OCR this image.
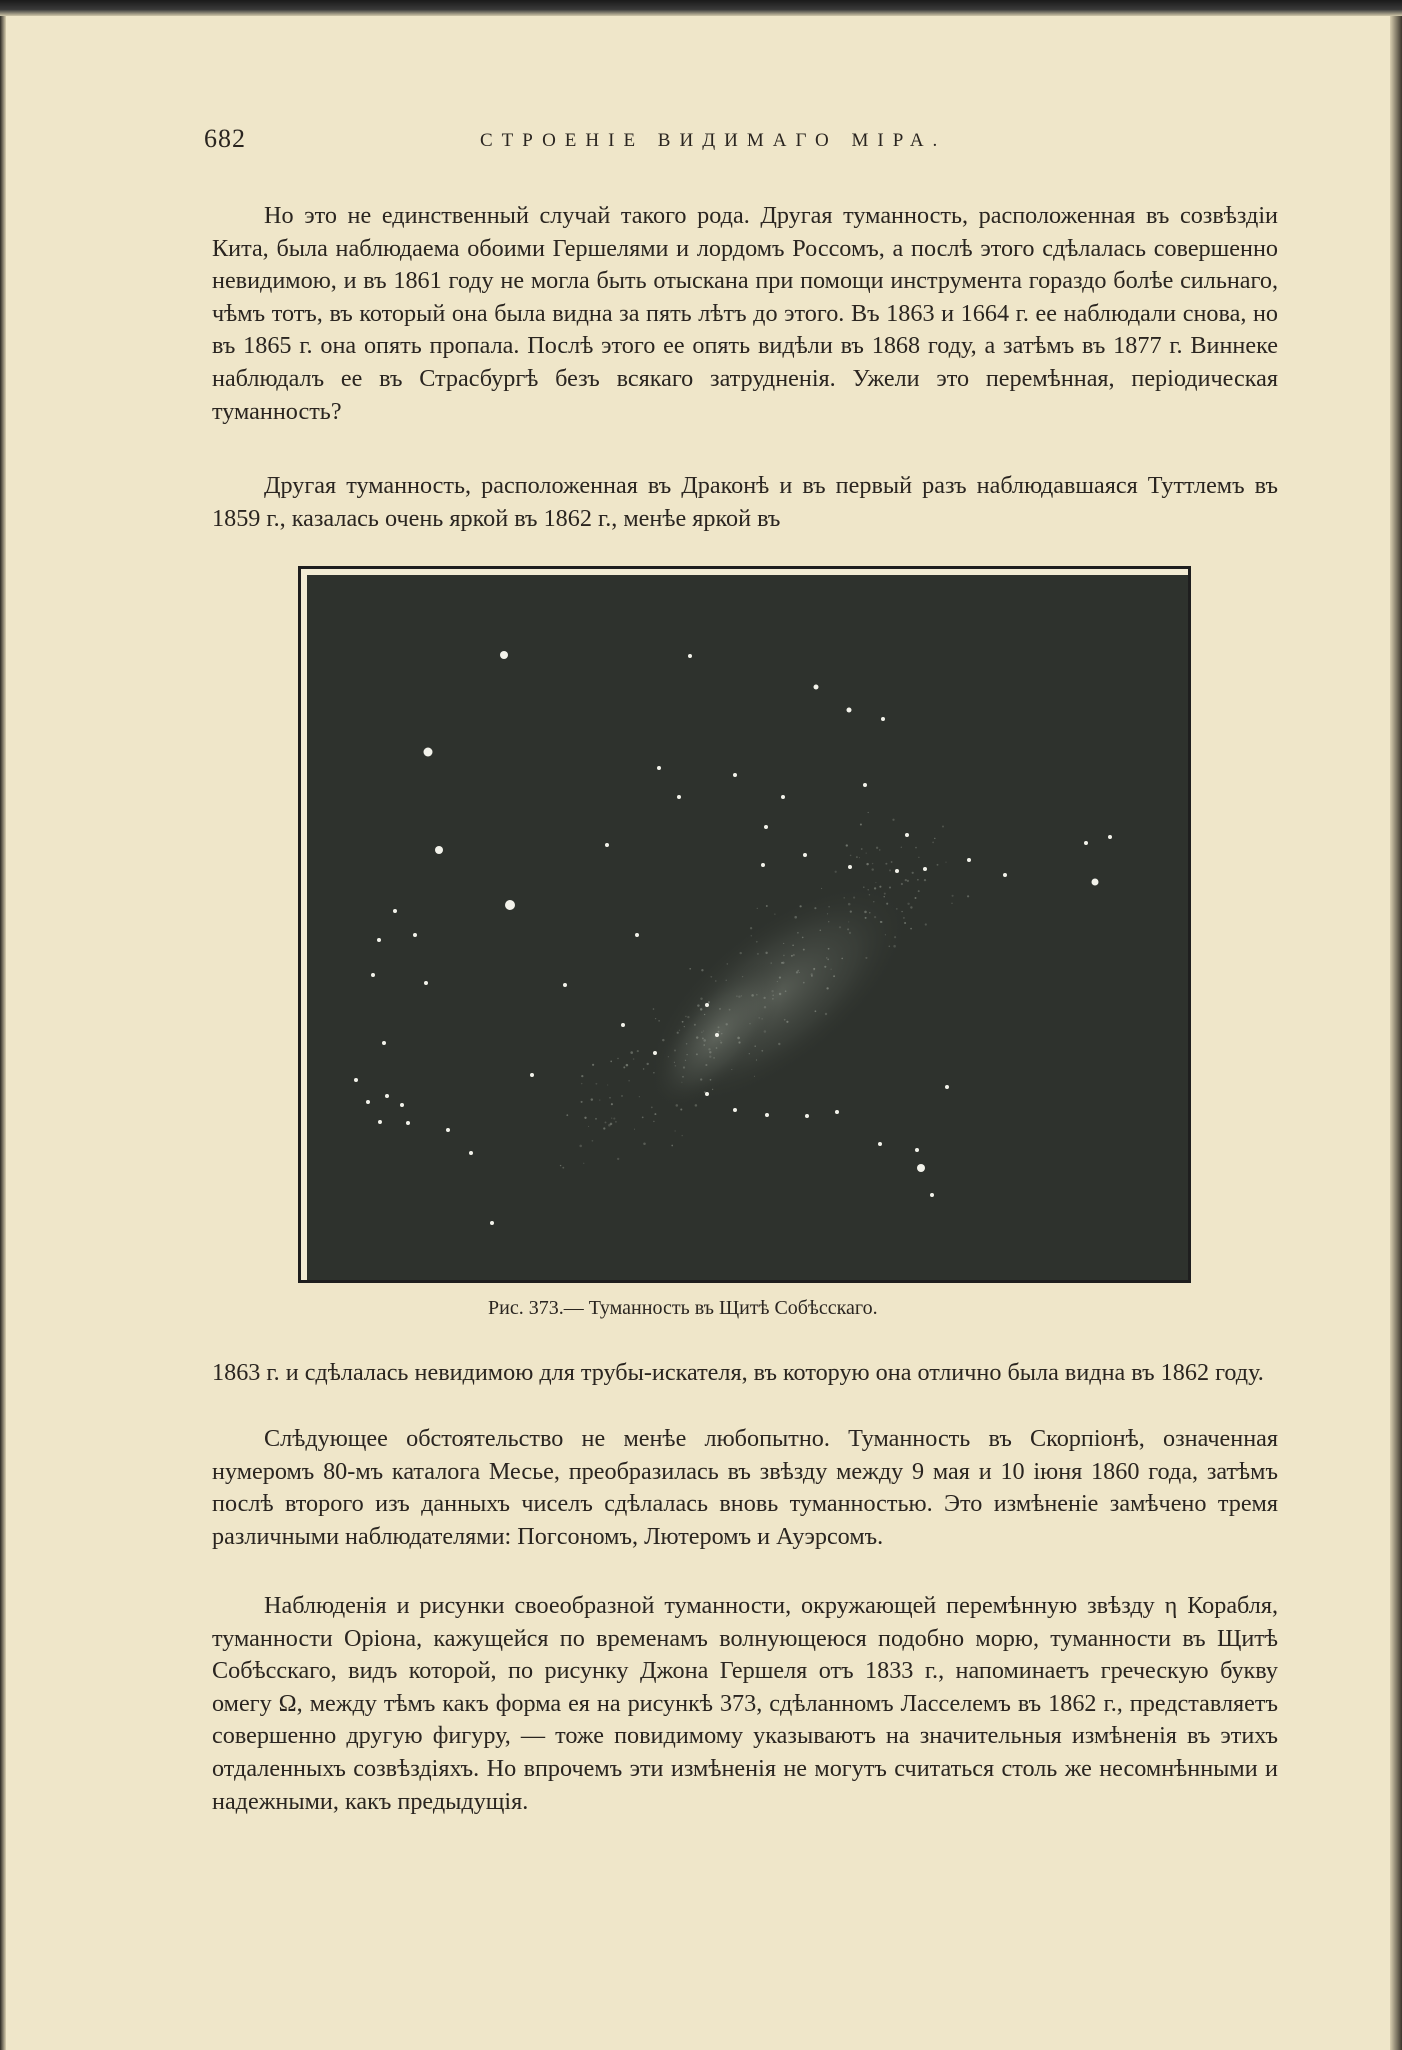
682	СТРОЕНІЕ ВИДИМАГО МІРА.

Но это не единственный случай такого рода. Другая туманность, расположенная въ созвѣздіи Кита, была наблюдаема обоими Гершелями и лордомъ Россомъ, а послѣ этого сдѣлалась совершенно невидимою, и въ 1861 году не могла быть отыскана при помощи инструмента гораздо болѣе сильнаго, чѣмъ тотъ, въ который она была видна за пять лѣтъ до этого. Въ 1863 и 1664 г. ее наблюдали снова, но въ 1865 г. она опять пропала. Послѣ этого ее опять видѣли въ 1868 году, а затѣмъ въ 1877 г. Виннеке наблюдалъ ее въ Страсбургѣ безъ всякаго затрудненія. Ужели это перемѣнная, періодическая туманность?

Другая туманность, расположенная въ Драконѣ и въ первый разъ наблюдавшаяся Туттлемъ въ 1859 г., казалась очень яркой въ 1862 г., менѣе яркой въ

Рис. 373.— Туманность въ Щитѣ Собѣсскаго.

1863 г. и сдѣлалась невидимою для трубы-искателя, въ которую она отлично была видна въ 1862 году.

Слѣдующее обстоятельство не менѣе любопытно. Туманность въ Скорпіонѣ, означенная нумеромъ 80-мъ каталога Месье, преобразилась въ звѣзду между 9 мая и 10 іюня 1860 года, затѣмъ послѣ второго изъ данныхъ чиселъ сдѣлалась вновь туманностью. Это измѣненіе замѣчено тремя различными наблюдателями: Погсономъ, Лютеромъ и Ауэрсомъ.

Наблюденія и рисунки своеобразной туманности, окружающей перемѣнную звѣзду η Корабля, туманности Оріона, кажущейся по временамъ волнующеюся подобно морю, туманности въ Щитѣ Собѣсскаго, видъ которой, по рисунку Джона Гершеля отъ 1833 г., напоминаетъ греческую букву омегу Ω, между тѣмъ какъ форма ея на рисункѣ 373, сдѣланномъ Ласселемъ въ 1862 г., представляетъ совершенно другую фигуру, — тоже повидимому указываютъ на значительныя измѣненія въ этихъ отдаленныхъ созвѣздіяхъ. Но впрочемъ эти измѣненія не могутъ считаться столь же несомнѣнными и надежными, какъ предыдущія.
